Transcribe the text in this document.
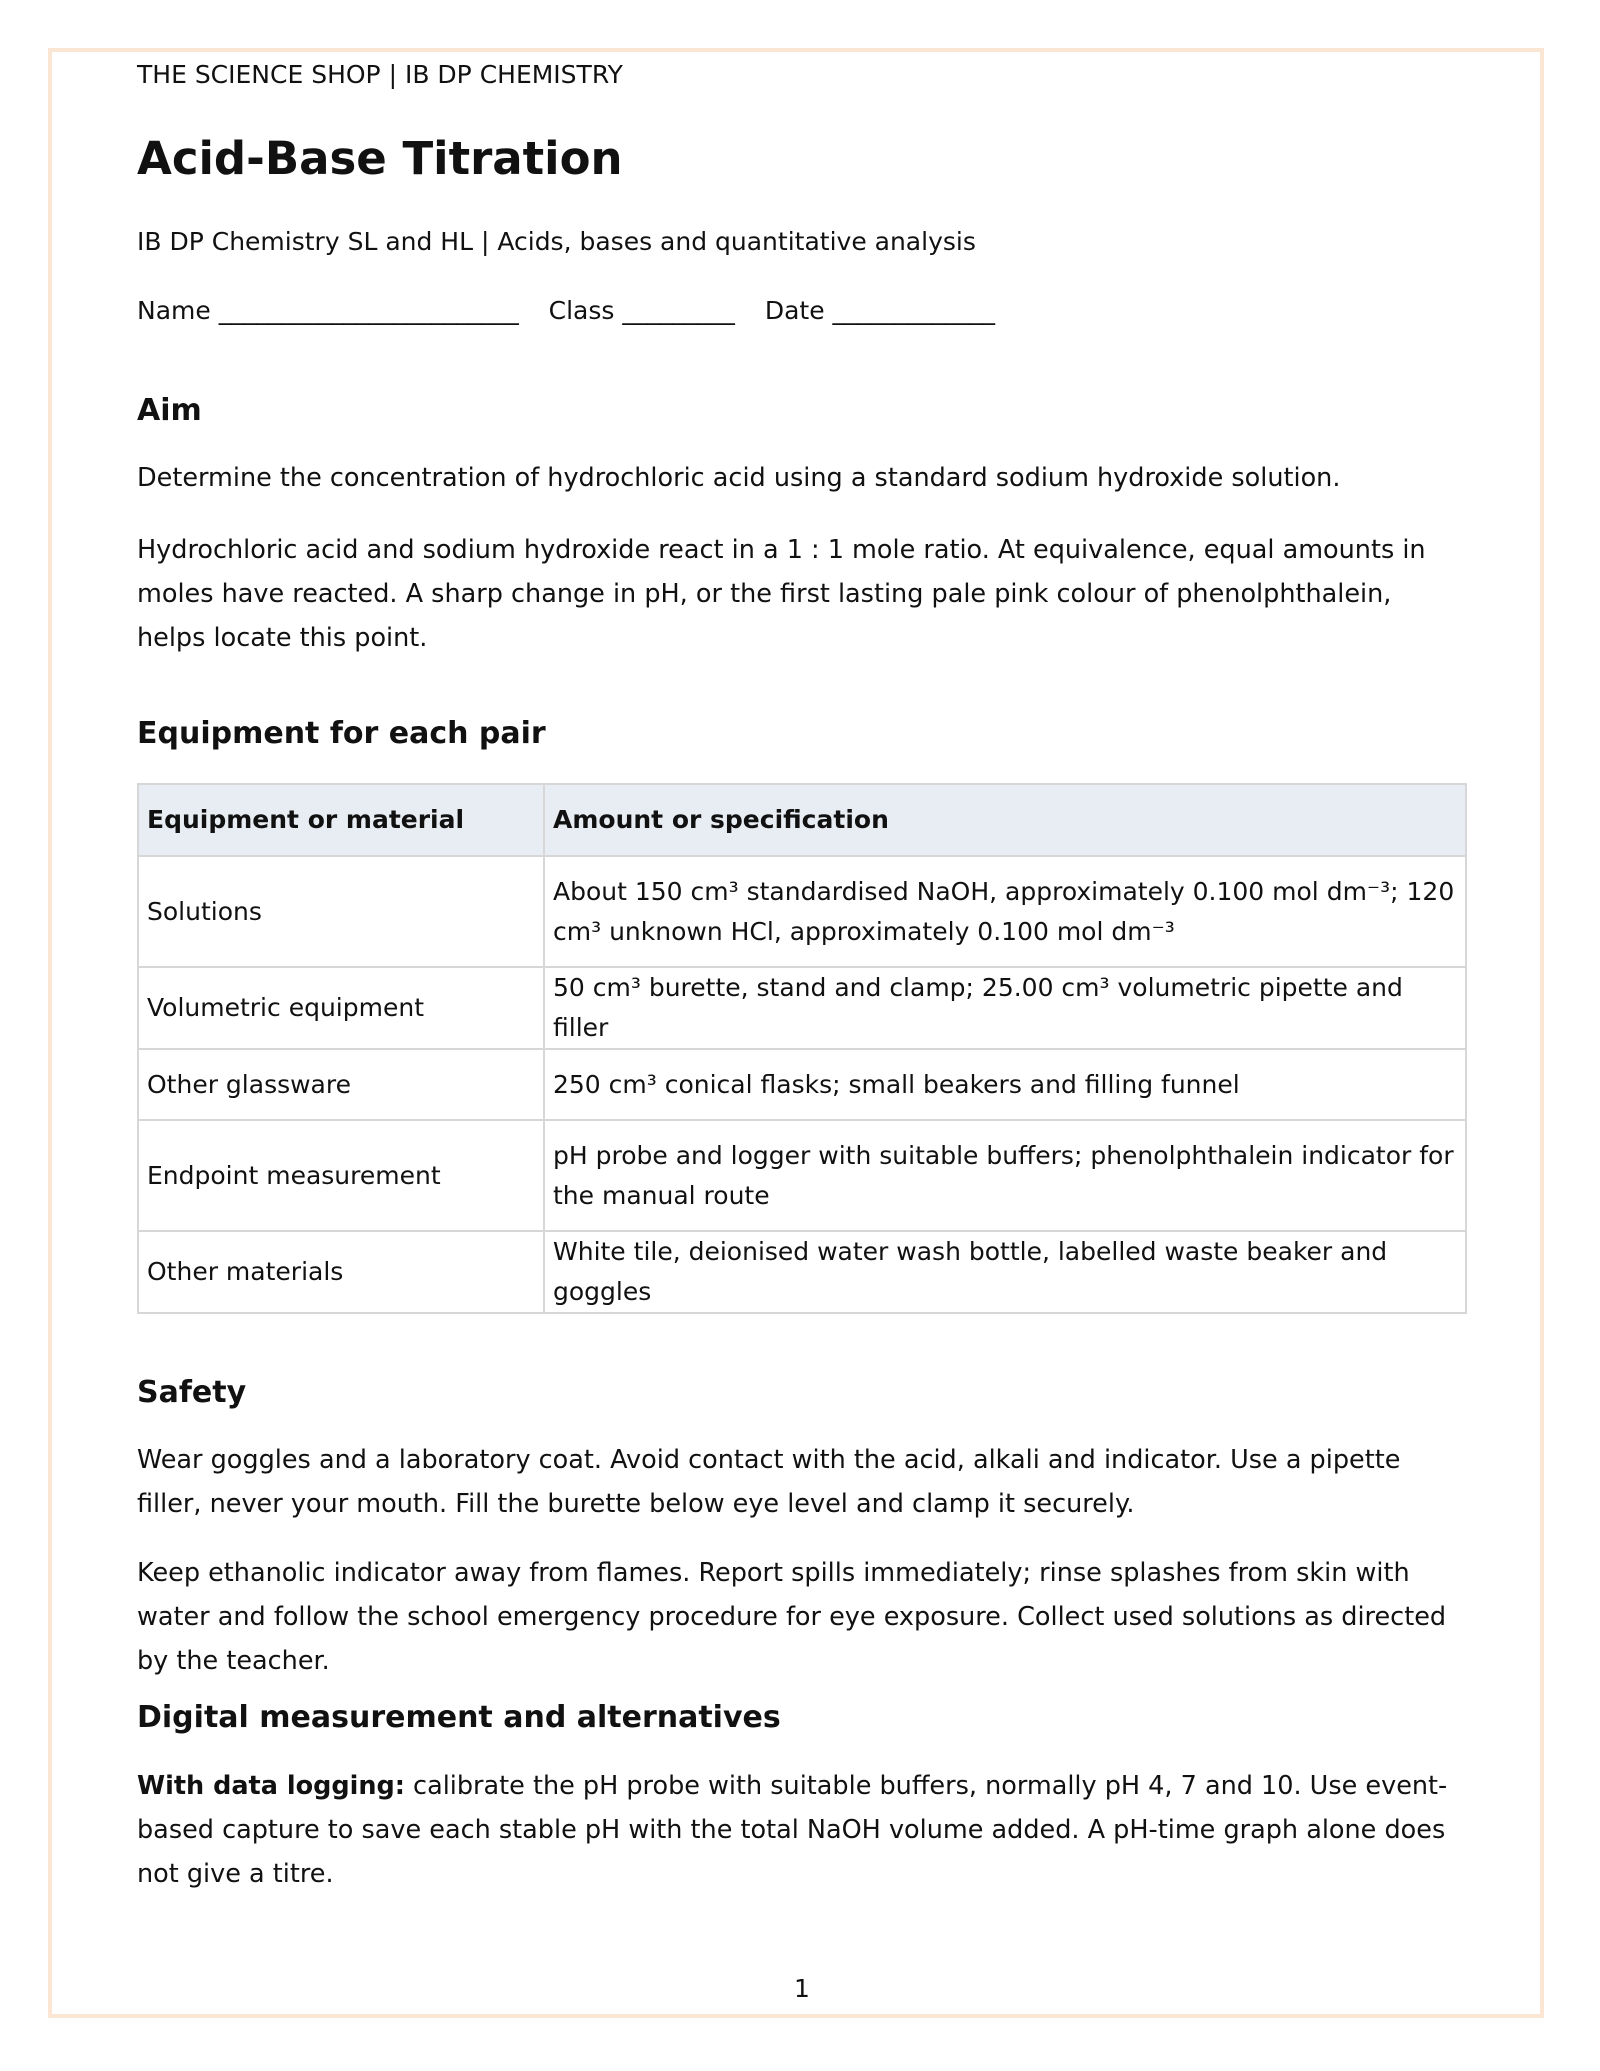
THE SCIENCE SHOP | IB DP CHEMISTRY
Acid-Base Titration
IB DP Chemistry SL and HL | Acids, bases and quantitative analysis
Name ________________________ Class _________ Date _____________
Aim

Determine the concentration of hydrochloric acid using a standard sodium hydroxide solution.

Hydrochloric acid and sodium hydroxide react in a 1 : 1 mole ratio. At equivalence, equal amounts in moles have reacted. A sharp change in pH, or the first lasting pale pink colour of phenolphthalein, helps locate this point.

Equipment for each pair
Equipment or material	Amount or specification
Solutions	About 150 cm³ standardised NaOH, approximately 0.100 mol dm⁻³; 120 cm³ unknown HCl, approximately 0.100 mol dm⁻³
Volumetric equipment	50 cm³ burette, stand and clamp; 25.00 cm³ volumetric pipette and filler
Other glassware	250 cm³ conical flasks; small beakers and filling funnel
Endpoint measurement	pH probe and logger with suitable buffers; phenolphthalein indicator for the manual route
Other materials	White tile, deionised water wash bottle, labelled waste beaker and goggles
Safety

Wear goggles and a laboratory coat. Avoid contact with the acid, alkali and indicator. Use a pipette filler, never your mouth. Fill the burette below eye level and clamp it securely.

Keep ethanolic indicator away from flames. Report spills immediately; rinse splashes from skin with water and follow the school emergency procedure for eye exposure. Collect used solutions as directed by the teacher.

Digital measurement and alternatives

With data logging: calibrate the pH probe with suitable buffers, normally pH 4, 7 and 10. Use event-based capture to save each stable pH with the total NaOH volume added. A pH-time graph alone does not give a titre.

1
